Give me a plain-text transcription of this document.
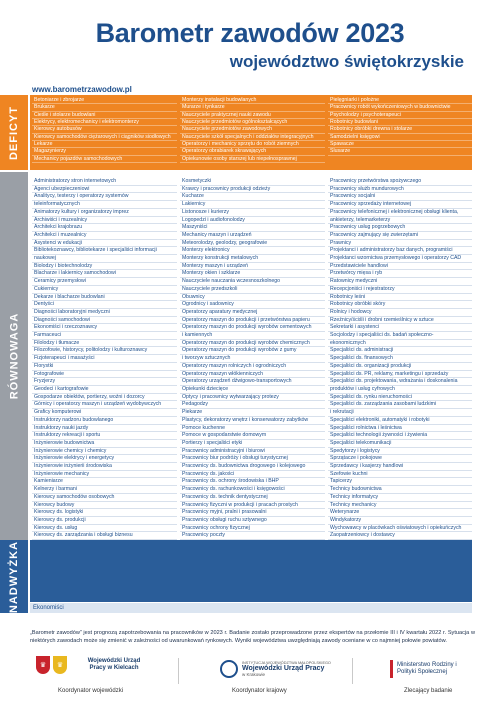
Barometr zawodów 2023
województwo świętokrzyskie
www.barometrzawodow.pl
DEFICYT
RÓWNOWAGA
NADWYŻKA
Betoniarze i zbrojarze
Brukarze
Cieśle i stolarze budowlani
Elektrycy, elektromechanicy i elektromonterzy
Kierowcy autobusów
Kierowcy samochodów ciężarowych i ciągników siodłowych
Lekarze
Magazynierzy
Mechanicy pojazdów samochodowych
Monterzy instalacji budowlanych
Murarze i tynkarze
Nauczyciele praktycznej nauki zawodu
Nauczyciele przedmiotów ogólnokształcących
Nauczyciele przedmiotów zawodowych
Nauczyciele szkół specjalnych i oddziałów integracyjnych
Operatorzy i mechanicy sprzętu do robót ziemnych
Operatorzy obrabiarek skrawających
Opiekunowie osoby starszej lub niepełnosprawnej
Pielęgniarki i położne
Pracownicy robót wykończeniowych w budownictwie
Psycholodzy i psychoterapeuci
Robotnicy budowlani
Robotnicy obróbki drewna i stolarze
Samodzielni księgowi
Spawacze
Ślusarze
Administratorzy stron internetowych
Agenci ubezpieczeniowi
Analitycy, testerzy i operatorzy systemów
teleinformatycznych
Animatorzy kultury i organizatorzy imprez
Archiwiści i muzealnicy
Architekci krajobrazu
Architekci i muzealnicy
Asystenci w edukacji
Bibliotekoznawcy, bibliotekarze i specjaliści informacji
naukowej
Biolodzy i biotechnolodzy
Blacharze i lakiernicy samochodowi
Ceramicy przemysłowi
Cukiernicy
Dekarze i blacharze budowlani
Dentyści
Diagności laboratoryjni medyczni
Diagności samochodowi
Ekonomiści i rzeczoznawcy
Farmaceuci
Filolodzy i tłumacze
Filozofowie, historycy, politolodzy i kulturoznawcy
Fizjoterapeuci i masażyści
Florystki
Fotografowie
Fryzjerzy
Geodeci i kartografowie
Gospodarze obiektów, portierzy, woźni i dozorcy
Górnicy i operatorzy maszyn i urządzeń wydobywczych
Graficy komputerowi
Instruktorzy nadzoru budowlanego
Instruktorzy nauki jazdy
Instruktorzy rekreacji i sportu
Inżynierowie budownictwa
Inżynierowie chemicy i chemicy
Inżynierowie elektrycy i energetycy
Inżynierowie inżynierii środowiska
Inżynierowie mechanicy
Kamieniarze
Kelnerzy i barmani
Kierowcy samochodów osobowych
Kierowcy budowy
Kierowcy ds. logistyki
Kierowcy ds. produkcji
Kierowcy ds. usług
Kierowcy ds. zarządzania i obsługi biznesu
Kosmetyczki
Krawcy i pracownicy produkcji odzieży
Kucharze
Lakiernicy
Listonosze i kurierzy
Logopedzi i audiofonolodzy
Maszyniści
Mechanicy maszyn i urządzeń
Meteorolodzy, geolodzy, geografowie
Monterzy elektronicy
Monterzy konstrukcji metalowych
Monterzy maszyn i urządzeń
Monterzy okien i szklarze
Nauczyciele nauczania wczesnoszkolnego
Nauczyciele przedszkoli
Obuwnicy
Ogrodnicy i sadownicy
Operatorzy aparatury medycznej
Operatorzy maszyn do produkcji i przetwórstwa papieru
Operatorzy maszyn do produkcji wyrobów cementowych
i kamiennych
Operatorzy maszyn do produkcji wyrobów chemicznych
Operatorzy maszyn do produkcji wyrobów z gumy
i tworzyw sztucznych
Operatorzy maszyn rolniczych i ogrodniczych
Operatorzy maszyn włókienniczych
Operatorzy urządzeń dźwigowo-transportowych
Opiekunki dziecięce
Optycy i pracownicy wytwarzający protezy
Pedagodzy
Piekarze
Plastycy, dekoratorzy wnętrz i konserwatorzy zabytków
Pomoce kuchenne
Pomoce w gospodarstwie domowym
Portierzy i specjaliści etyki
Pracownicy administracyjni i biurowi
Pracownicy biur podróży i obsługi turystycznej
Pracownicy ds. budownictwa drogowego i kolejowego
Pracownicy ds. jakości
Pracownicy ds. ochrony środowiska i BHP
Pracownicy ds. rachunkowości i księgowości
Pracownicy ds. technik dentystycznej
Pracownicy fizyczni w produkcji i pracach prostych
Pracownicy myjni, pralni i prasowalni
Pracownicy obsługi ruchu sztywnego
Pracownicy ochrony fizycznej
Pracownicy poczty
Pracownicy przetwórstwa spożywczego
Pracownicy służb mundurowych
Pracownicy socjalni
Pracownicy sprzedaży internetowej
Pracownicy telefonicznej i elektronicznej obsługi klienta,
ankieterzy, telemarketerzy
Pracownicy usług pogrzebowych
Pracownicy zajmujący się zwierzętami
Prawnicy
Projektanci i administratorzy baz danych, programiści
Projektanci wzornictwa przemysłowego i operatorzy CAD
Przedstawiciele handlowi
Przetwórcy mięsa i ryb
Ratownicy medyczni
Recepcjoniści i rejestratorzy
Robotnicy leśni
Robotnicy obróbki skóry
Rolnicy i hodowcy
Rzeźnicy/ściśli i drobni rzemieślnicy w sztuce
Sekretarki i asystenci
Socjolodzy i specjaliści ds. badań społeczno-
ekonomicznych
Specjaliści ds. administracji
Specjaliści ds. finansowych
Specjaliści ds. organizacji produkcji
Specjaliści ds. PR, reklamy, marketingu i sprzedaży
Specjaliści ds. projektowania, wdrażania i doskonalenia
produktów i usług cyfrowych
Specjaliści ds. rynku nieruchomości
Specjaliści ds. zarządzania zasobami ludzkimi
i rekrutacji
Specjaliści elektroniki, automatyki i robotyki
Specjaliści rolnictwa i leśnictwa
Specjaliści technologii żywności i żywienia
Specjaliści telekomunikacji
Spedytorzy i logistycy
Sprzątacze i pokojowe
Sprzedawcy i kasjerzy handlowi
Szefowie kuchni
Tapicerzy
Technicy budownictwa
Technicy informatycy
Technicy mechanicy
Weterynarze
Windykatorzy
Wychowawcy w placówkach oświatowych i opiekuńczych
Zaopatrzeniowcy i dostawcy
Ekonomiści
„Barometr zawodów” jest prognozą zapotrzebowania na pracowników w 2023 r. Badanie zostało przeprowadzone przez ekspertów na przełomie III i IV kwartału 2022 r. Sytuacja w niektórych zawodach może się zmienić w zależności od uwarunkowań rynkowych. Wyniki województwa uwzględniają zawody oceniane w co najmniej połowie powiatów.
♛	♛
Wojewódzki Urząd Pracy w Kielcach
INSTYTUCJA WOJEWÓDZTWA MAŁOPOLSKIEGO
Wojewódzki Urząd Pracy
w Krakowie
Ministerstwo Rodziny i Polityki Społecznej
Koordynator wojewódzki	Koordynator krajowy	Zlecający badanie
